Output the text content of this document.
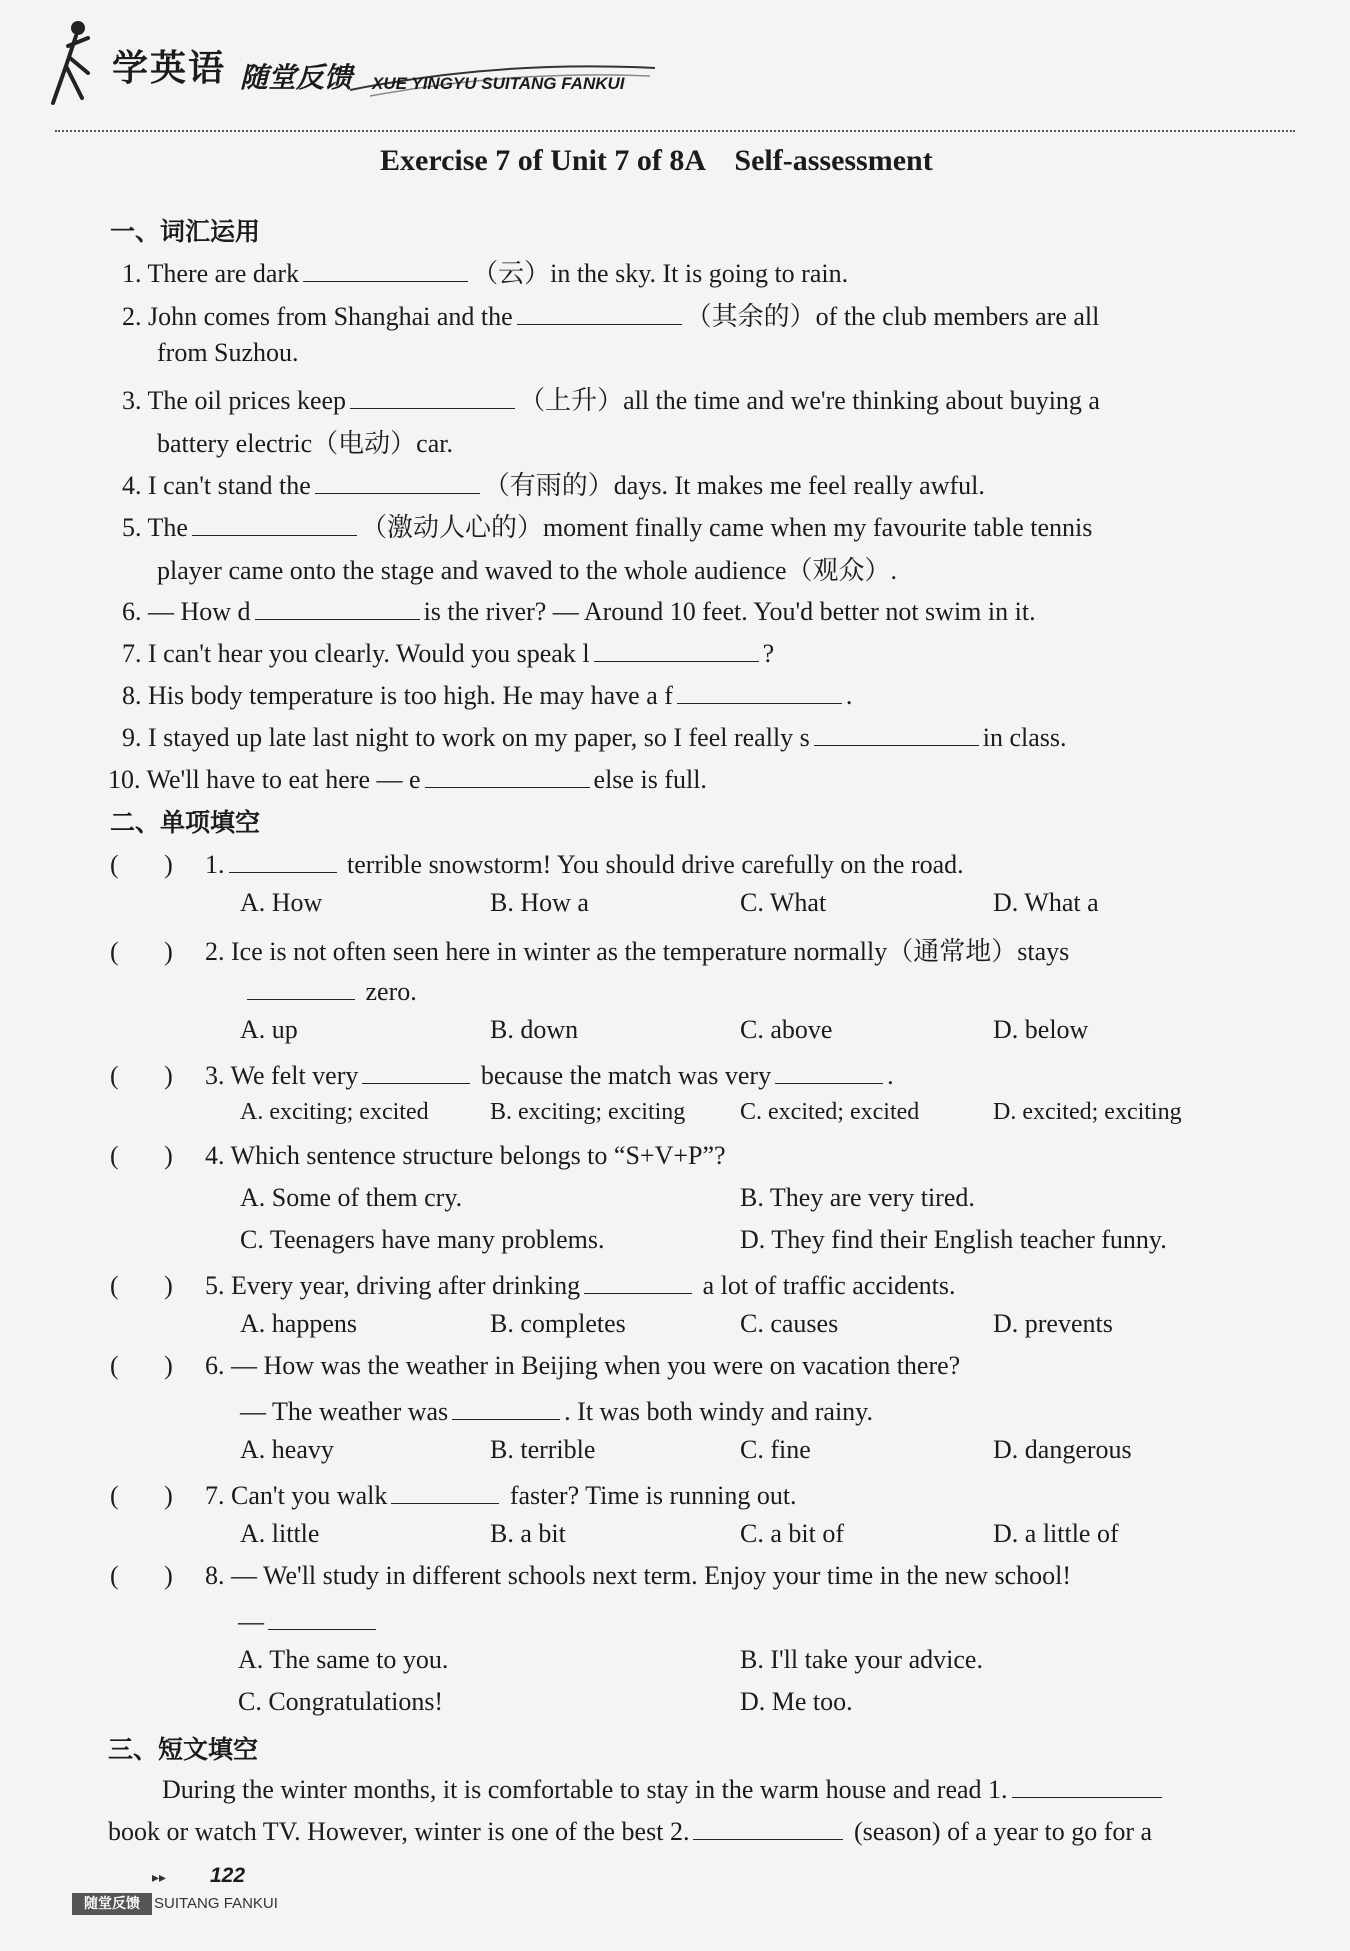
学英语 随堂反馈 XUE YINGYU SUITANG FANKUI
Exercise 7 of Unit 7 of 8A    Self-assessment
一、词汇运用
1. There are dark	（云）in the sky. It is going to rain.
2. John comes from Shanghai and the	（其余的）of the club members are all
from Suzhou.
3. The oil prices keep	（上升）all the time and we're thinking about buying a
battery electric（电动）car.
4. I can't stand the	（有雨的）days. It makes me feel really awful.
5. The	（激动人心的）moment finally came when my favourite table tennis
player came onto the stage and waved to the whole audience（观众）.
6. — How d	is the river? — Around 10 feet. You'd better not swim in it.
7. I can't hear you clearly. Would you speak l	?
8. His body temperature is too high. He may have a f	.
9. I stayed up late last night to work on my paper, so I feel really s	in class.
10. We'll have to eat here — e	else is full.
二、单项填空
(       ) 1.	terrible snowstorm! You should drive carefully on the road.
A. How	B. How a	C. What	D. What a
(       ) 2. Ice is not often seen here in winter as the temperature normally（通常地）stays
zero.
A. up	B. down	C. above	D. below
(       ) 3. We felt very	because the match was very	.
A. exciting; excited	B. exciting; exciting C. excited; excited	D. excited; exciting
(       ) 4. Which sentence structure belongs to “S+V+P”?
A. Some of them cry.	B. They are very tired.
C. Teenagers have many problems.	D. They find their English teacher funny.
(       ) 5. Every year, driving after drinking	a lot of traffic accidents.
A. happens	B. completes	C. causes	D. prevents
(       ) 6. — How was the weather in Beijing when you were on vacation there?
— The weather was	. It was both windy and rainy.
A. heavy	B. terrible	C. fine	D. dangerous
(       ) 7. Can't you walk	faster? Time is running out.
A. little	B. a bit	C. a bit of	D. a little of
(       ) 8. — We'll study in different schools next term. Enjoy your time in the new school!
—
A. The same to you.	B. I'll take your advice.
C. Congratulations!	D. Me too.
三、短文填空
During the winter months, it is comfortable to stay in the warm house and read 1.
book or watch TV. However, winter is one of the best 2.	(season) of a year to go for a
▸▸ 122
随堂反馈 SUITANG FANKUI
